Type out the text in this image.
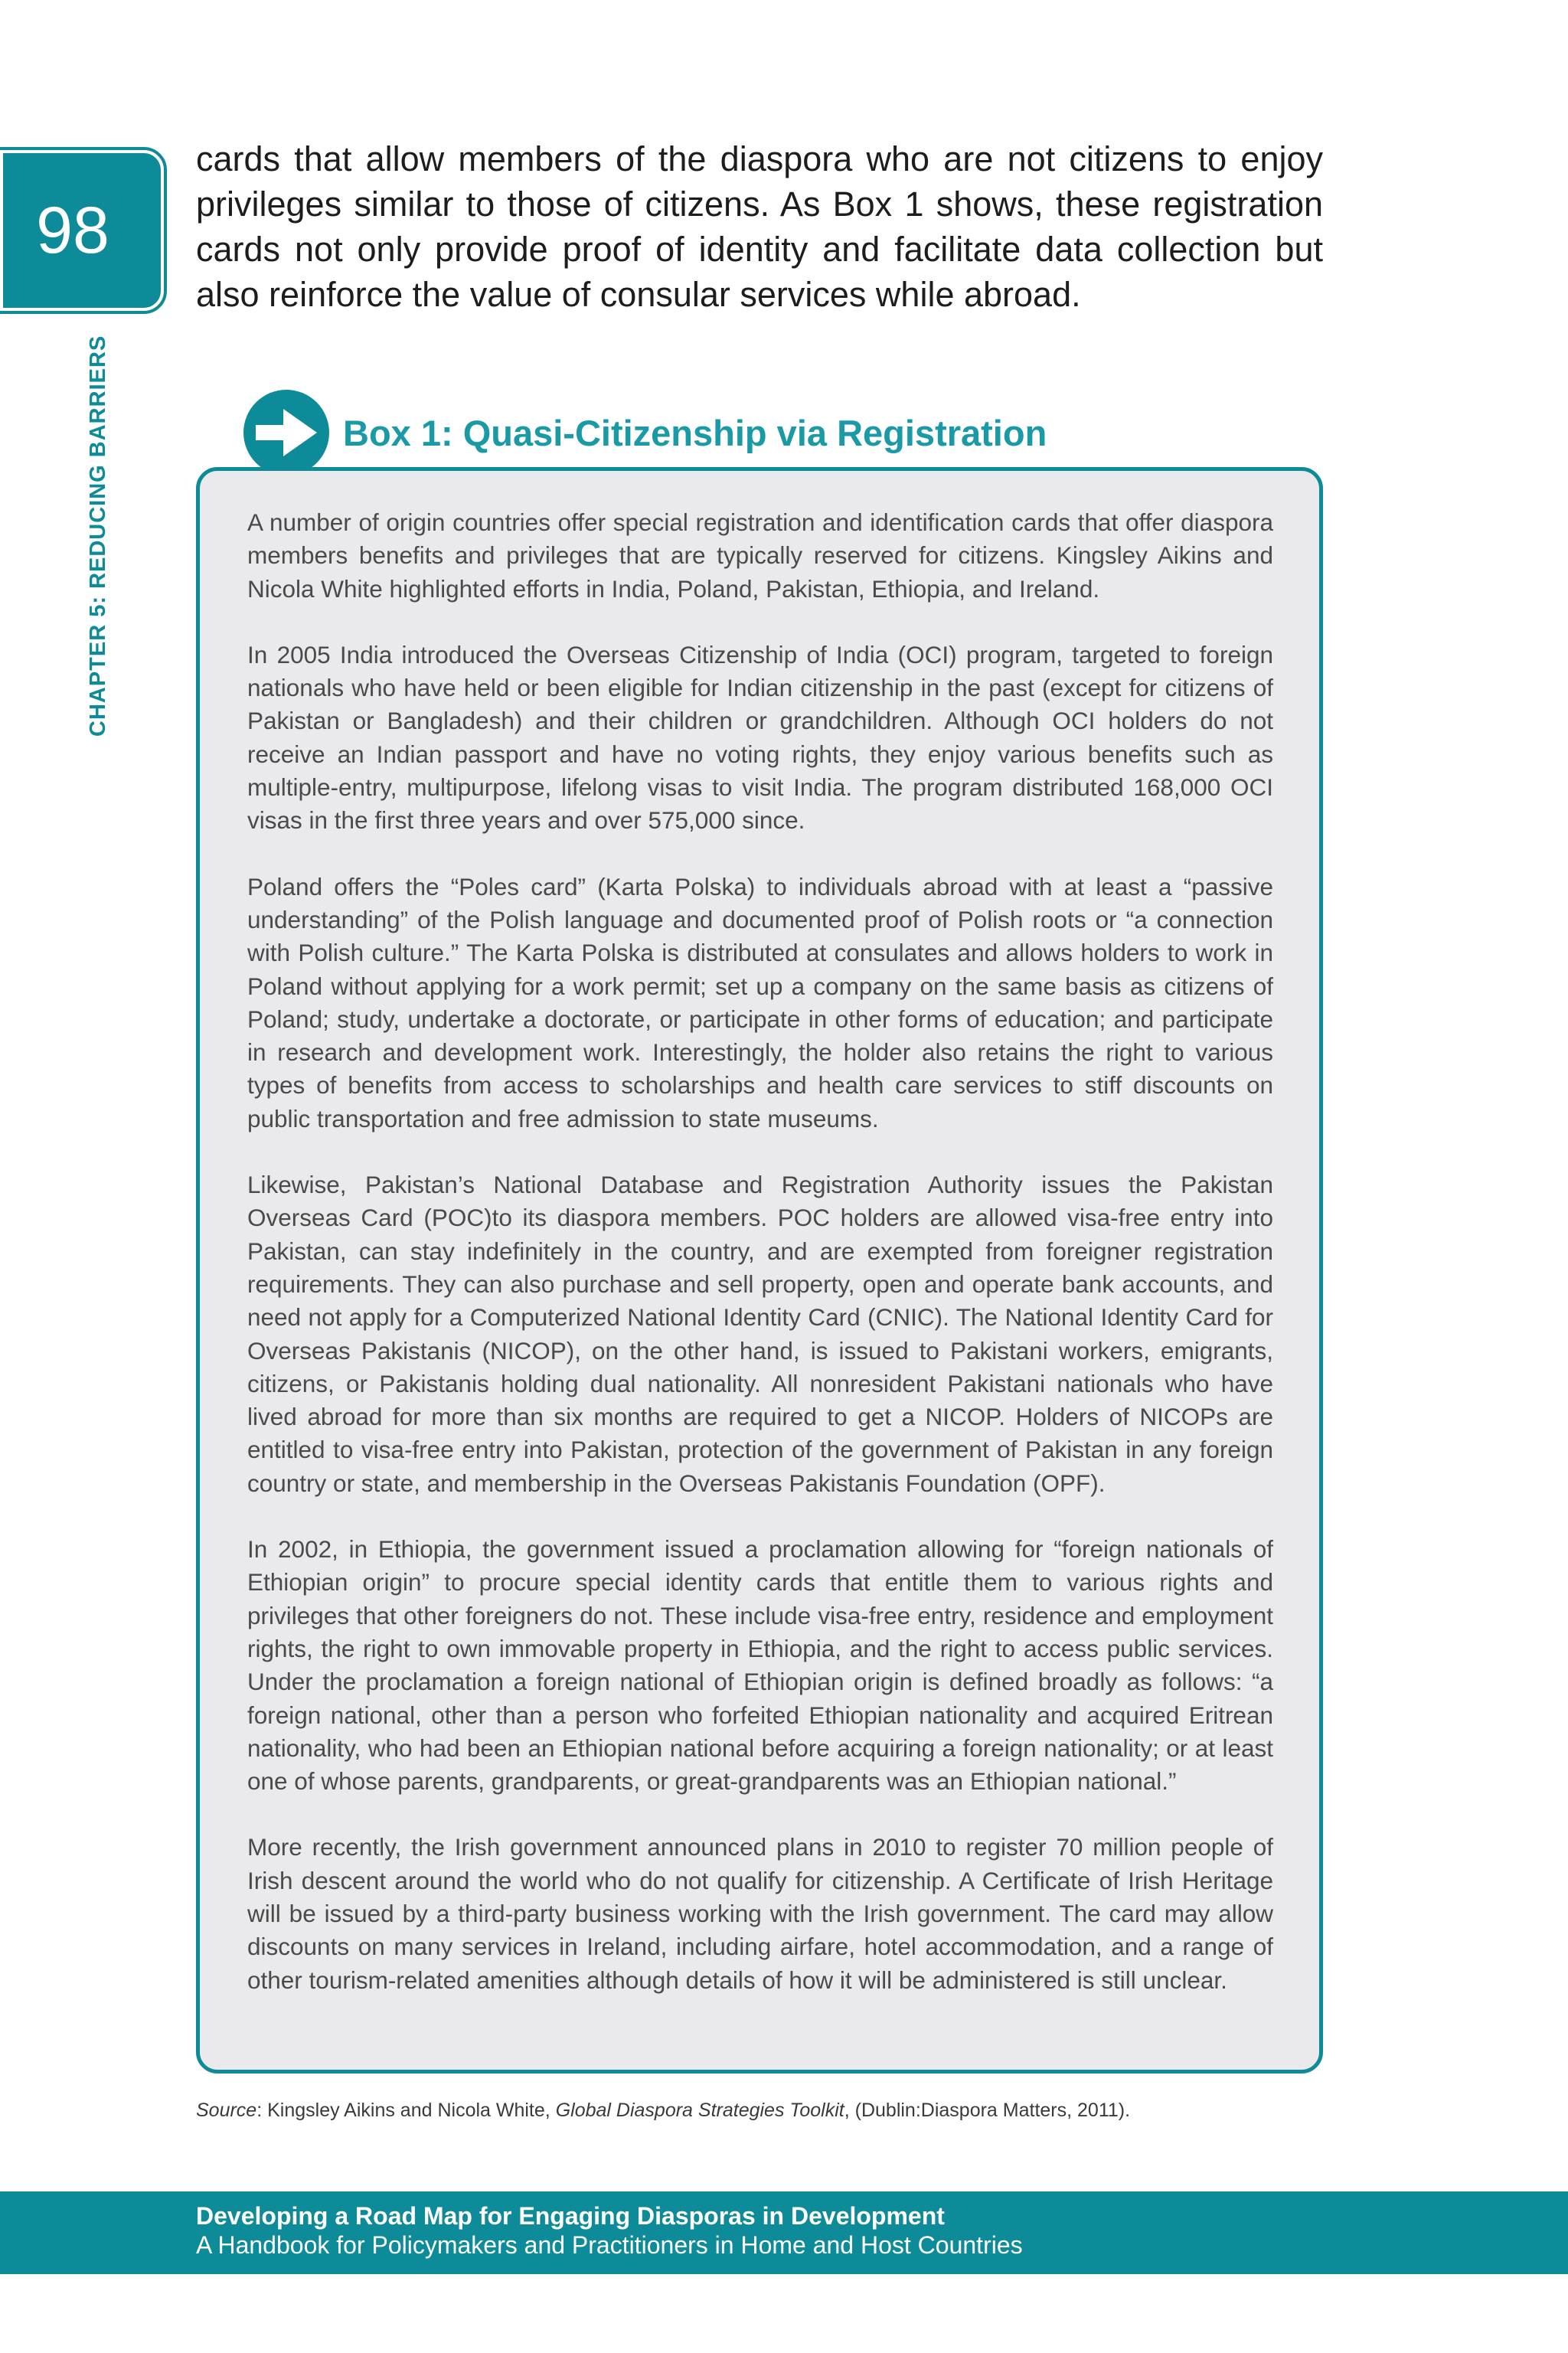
98
CHAPTER 5: REDUCING BARRIERS
cards that allow members of the diaspora who are not citizens to enjoy privileges similar to those of citizens. As Box 1 shows, these registration cards not only provide proof of identity and facilitate data collection but also reinforce the value of consular services while abroad.
Box 1: Quasi-Citizenship via Registration

A number of origin countries offer special registration and identification cards that offer diaspora members benefits and privileges that are typically reserved for citizens. Kingsley Aikins and Nicola White highlighted efforts in India, Poland, Pakistan, Ethiopia, and Ireland.

In 2005 India introduced the Overseas Citizenship of India (OCI) program, targeted to foreign nationals who have held or been eligible for Indian citizenship in the past (except for citizens of Pakistan or Bangladesh) and their children or grandchildren. Although OCI holders do not receive an Indian passport and have no voting rights, they enjoy various benefits such as multiple-entry, multipurpose, lifelong visas to visit India. The program distributed 168,000 OCI visas in the first three years and over 575,000 since.

Poland offers the “Poles card” (Karta Polska) to individuals abroad with at least a “passive understanding” of the Polish language and documented proof of Polish roots or “a connection with Polish culture.” The Karta Polska is distributed at consulates and allows holders to work in Poland without applying for a work permit; set up a company on the same basis as citizens of Poland; study, undertake a doctorate, or participate in other forms of education; and participate in research and development work. Interestingly, the holder also retains the right to various types of benefits from access to scholarships and health care services to stiff discounts on public transportation and free admission to state museums.

Likewise, Pakistan’s National Database and Registration Authority issues the Pakistan Overseas Card (POC)to its diaspora members. POC holders are allowed visa-free entry into Pakistan, can stay indefinitely in the country, and are exempted from foreigner registration requirements. They can also purchase and sell property, open and operate bank accounts, and need not apply for a Computerized National Identity Card (CNIC). The National Identity Card for Overseas Pakistanis (NICOP), on the other hand, is issued to Pakistani workers, emigrants, citizens, or Pakistanis holding dual nationality. All nonresident Pakistani nationals who have lived abroad for more than six months are required to get a NICOP. Holders of NICOPs are entitled to visa-free entry into Pakistan, protection of the government of Pakistan in any foreign country or state, and membership in the Overseas Pakistanis Foundation (OPF).

In 2002, in Ethiopia, the government issued a proclamation allowing for “foreign nationals of Ethiopian origin” to procure special identity cards that entitle them to various rights and privileges that other foreigners do not. These include visa-free entry, residence and employment rights, the right to own immovable property in Ethiopia, and the right to access public services. Under the proclamation a foreign national of Ethiopian origin is defined broadly as follows: “a foreign national, other than a person who forfeited Ethiopian nationality and acquired Eritrean nationality, who had been an Ethiopian national before acquiring a foreign nationality; or at least one of whose parents, grandparents, or great-grandparents was an Ethiopian national.”

More recently, the Irish government announced plans in 2010 to register 70 million people of Irish descent around the world who do not qualify for citizenship. A Certificate of Irish Heritage will be issued by a third-party business working with the Irish government. The card may allow discounts on many services in Ireland, including airfare, hotel accommodation, and a range of other tourism-related amenities although details of how it will be administered is still unclear.

Source: Kingsley Aikins and Nicola White, Global Diaspora Strategies Toolkit, (Dublin:Diaspora Matters, 2011).
Developing a Road Map for Engaging Diasporas in Development
A Handbook for Policymakers and Practitioners in Home and Host Countries
